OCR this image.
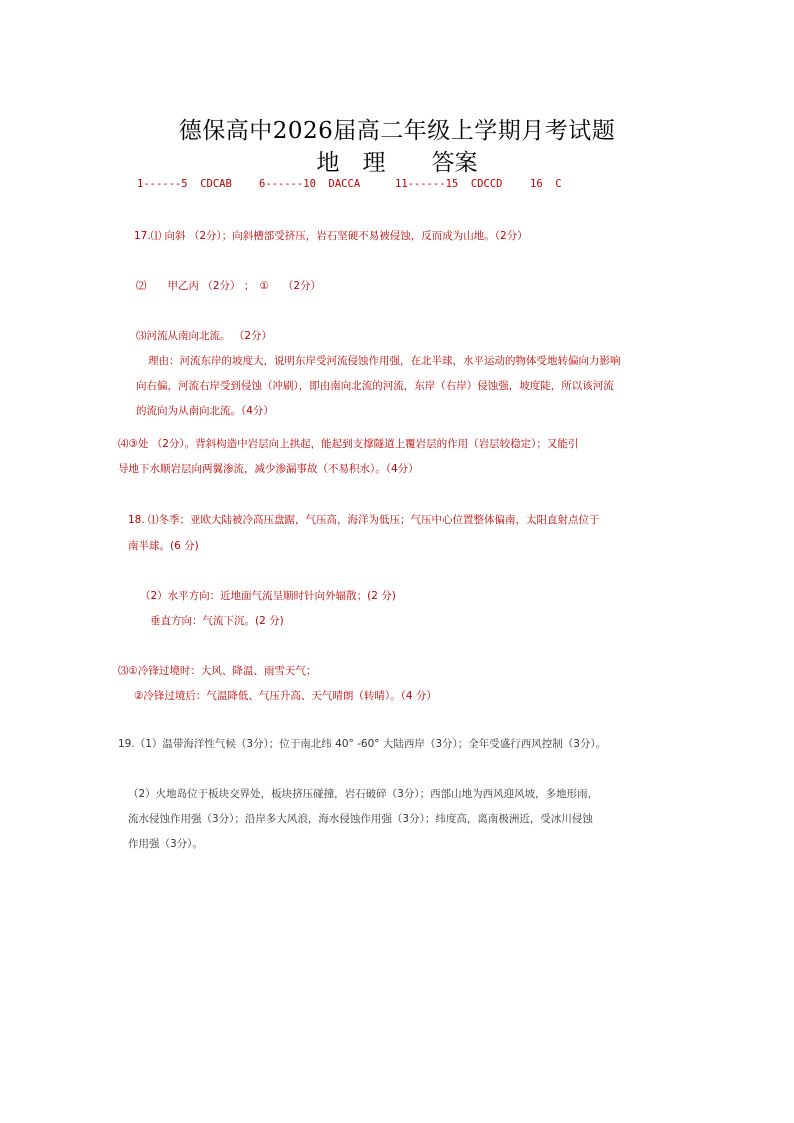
德保高中2026届高二年级上学期月考试题
地　理　　答案
1------5  CDCAB	6------10  DACCA	11------15  CDCCD	16  C
17.⑴ 向斜 （2分）；向斜槽部受挤压，岩石坚硬不易被侵蚀，反而成为山地。（2分）
⑵　　甲乙丙 （2分） ；　①　 （2分）
⑶河流从南向北流。 （2分）
理由：河流东岸的坡度大，说明东岸受河流侵蚀作用强，在北半球，水平运动的物体受地转偏向力影响
向右偏，河流右岸受到侵蚀（冲刷），即由南向北流的河流，东岸（右岸）侵蚀强，坡度陡，所以该河流
的流向为从南向北流。（4分）
⑷③处 （2分）。背斜构造中岩层向上拱起，能起到支撑隧道上覆岩层的作用（岩层较稳定）；又能引
导地下水顺岩层向两翼渗流，减少渗漏事故（不易积水）。（4分）
18. ⑴冬季；亚欧大陆被冷高压盘踞，气压高，海洋为低压；气压中心位置整体偏南，太阳直射点位于
南半球。(6 分)
（2）水平方向：近地面气流呈顺时针向外辐散；(2 分)
垂直方向：气流下沉。(2 分)
⑶①冷锋过境时：大风、降温、雨雪天气；
②冷锋过境后：气温降低、气压升高、天气晴朗（转晴）。（4 分）
19.（1）温带海洋性气候（3分）；位于南北纬 40° -60° 大陆西岸（3分）；全年受盛行西风控制（3分）。
（2）火地岛位于板块交界处，板块挤压碰撞，岩石破碎（3分）；西部山地为西风迎风坡，多地形雨，
流水侵蚀作用强（3分）；沿岸多大风浪，海水侵蚀作用强（3分）；纬度高，离南极洲近，受冰川侵蚀
作用强（3分）。
